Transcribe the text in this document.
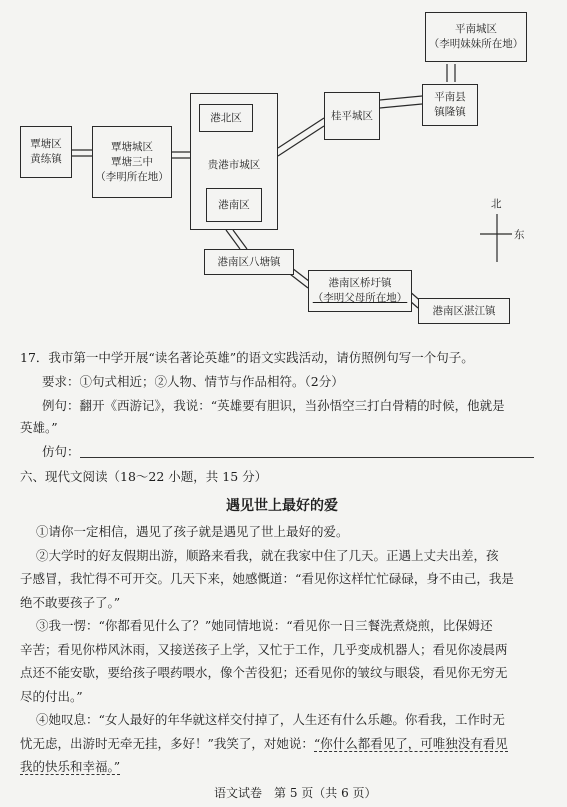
平南城区
（李明妹妹所在地）
平南县
镇隆镇
桂平城区
贵港市城区
港北区
港南区
覃塘区
黄练镇
覃塘城区
覃塘三中
（李明所在地）
港南区八塘镇
港南区桥圩镇
（李明父母所在地）
港南区湛江镇
北
东
17．我市第一中学开展“读名著论英雄”的语文实践活动，请仿照例句写一个句子。
要求：①句式相近；②人物、情节与作品相符。（2分）
例句：翻开《西游记》，我说：“英雄要有胆识，当孙悟空三打白骨精的时候，他就是
英雄。”
仿句：
六、现代文阅读（18～22 小题，共 15 分）
遇见世上最好的爱
①请你一定相信，遇见了孩子就是遇见了世上最好的爱。
②大学时的好友假期出游，顺路来看我，就在我家中住了几天。正遇上丈夫出差，孩
子感冒，我忙得不可开交。几天下来，她感慨道：“看见你这样忙忙碌碌，身不由己，我是
绝不敢要孩子了。”
③我一愣：“你都看见什么了？”她同情地说：“看见你一日三餐洗煮烧煎，比保姆还
辛苦；看见你栉风沐雨，又接送孩子上学，又忙于工作，几乎变成机器人；看见你凌晨两
点还不能安歇，要给孩子喂药喂水，像个苦役犯；还看见你的皱纹与眼袋，看见你无穷无
尽的付出。”
④她叹息：“女人最好的年华就这样交付掉了，人生还有什么乐趣。你看我，工作时无
忧无虑，出游时无牵无挂，多好！”我笑了，对她说：“你什么都看见了，可唯独没有看见
我的快乐和幸福。”
语文试卷　第 5 页（共 6 页）
